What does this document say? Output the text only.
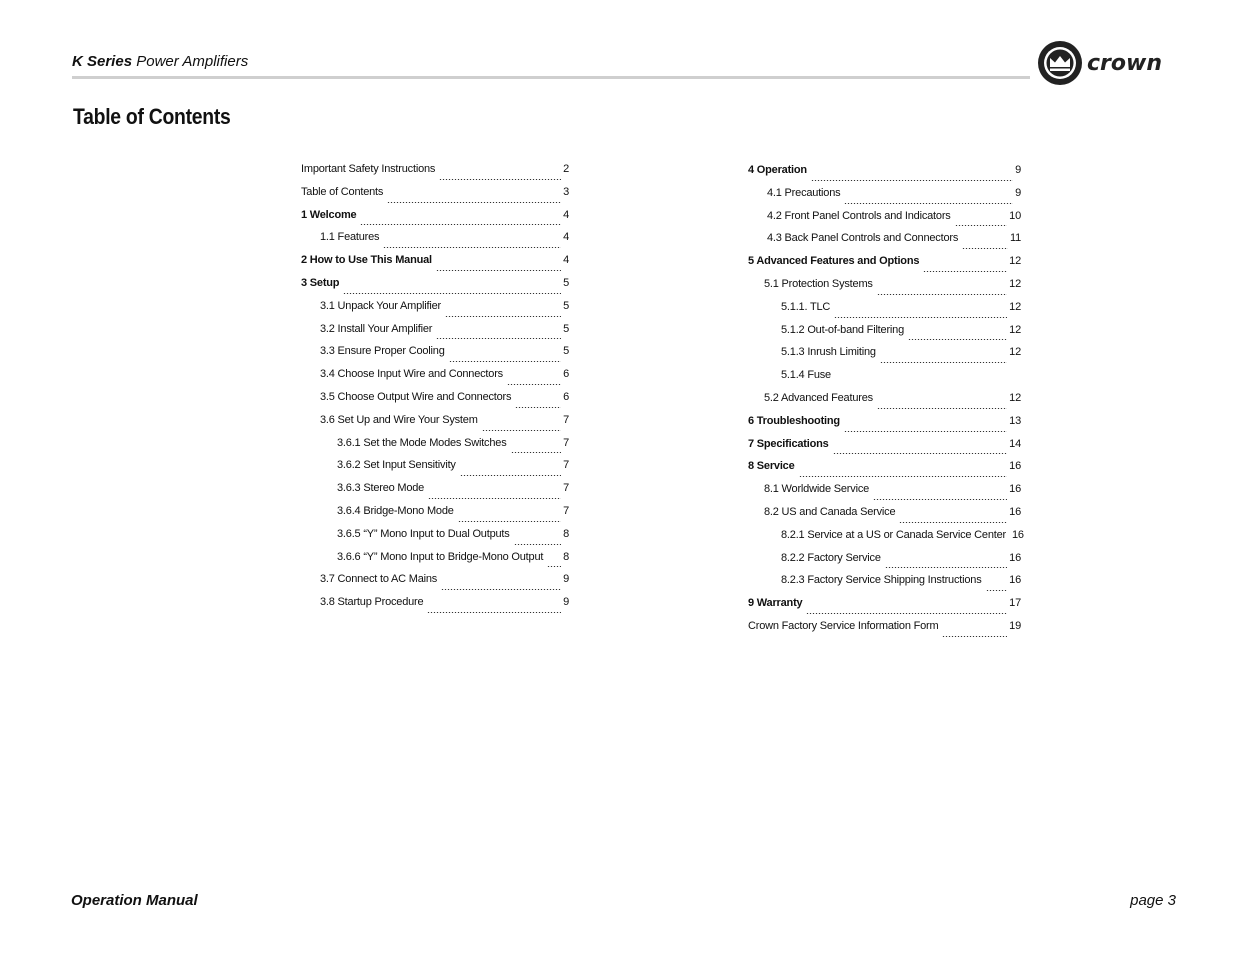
K Series Power Amplifiers	crown
Table of Contents
Important Safety Instructions	2
Table of Contents	3
1 Welcome	4
1.1 Features	4
2 How to Use This Manual	4
3 Setup	5
3.1 Unpack Your Amplifier	5
3.2 Install Your Amplifier	5
3.3 Ensure Proper Cooling	5
3.4 Choose Input Wire and Connectors	6
3.5 Choose Output Wire and Connectors	6
3.6 Set Up and Wire Your System	7
3.6.1 Set the Mode Modes Switches	7
3.6.2 Set Input Sensitivity	7
3.6.3 Stereo Mode	7
3.6.4 Bridge-Mono Mode	7
3.6.5 “Y” Mono Input to Dual Outputs	8
3.6.6 “Y” Mono Input to Bridge-Mono Output 8
3.7 Connect to AC Mains	9
3.8 Startup Procedure	9
4 Operation	9
4.1 Precautions	9
4.2 Front Panel Controls and Indicators	10
4.3 Back Panel Controls and Connectors	11
5 Advanced Features and Options	12
5.1 Protection Systems	12
5.1.1. TLC	12
5.1.2 Out-of-band Filtering	12
5.1.3 Inrush Limiting	12
5.1.4 Fuse
5.2 Advanced Features	12
6 Troubleshooting	13
7 Specifications	14
8 Service	16
8.1 Worldwide Service	16
8.2 US and Canada Service	16
8.2.1 Service at a US or Canada Service Center 16
8.2.2 Factory Service	16
8.2.3 Factory Service Shipping Instructions	16
9 Warranty	17
Crown Factory Service Information Form	19
Operation Manual	page 3
